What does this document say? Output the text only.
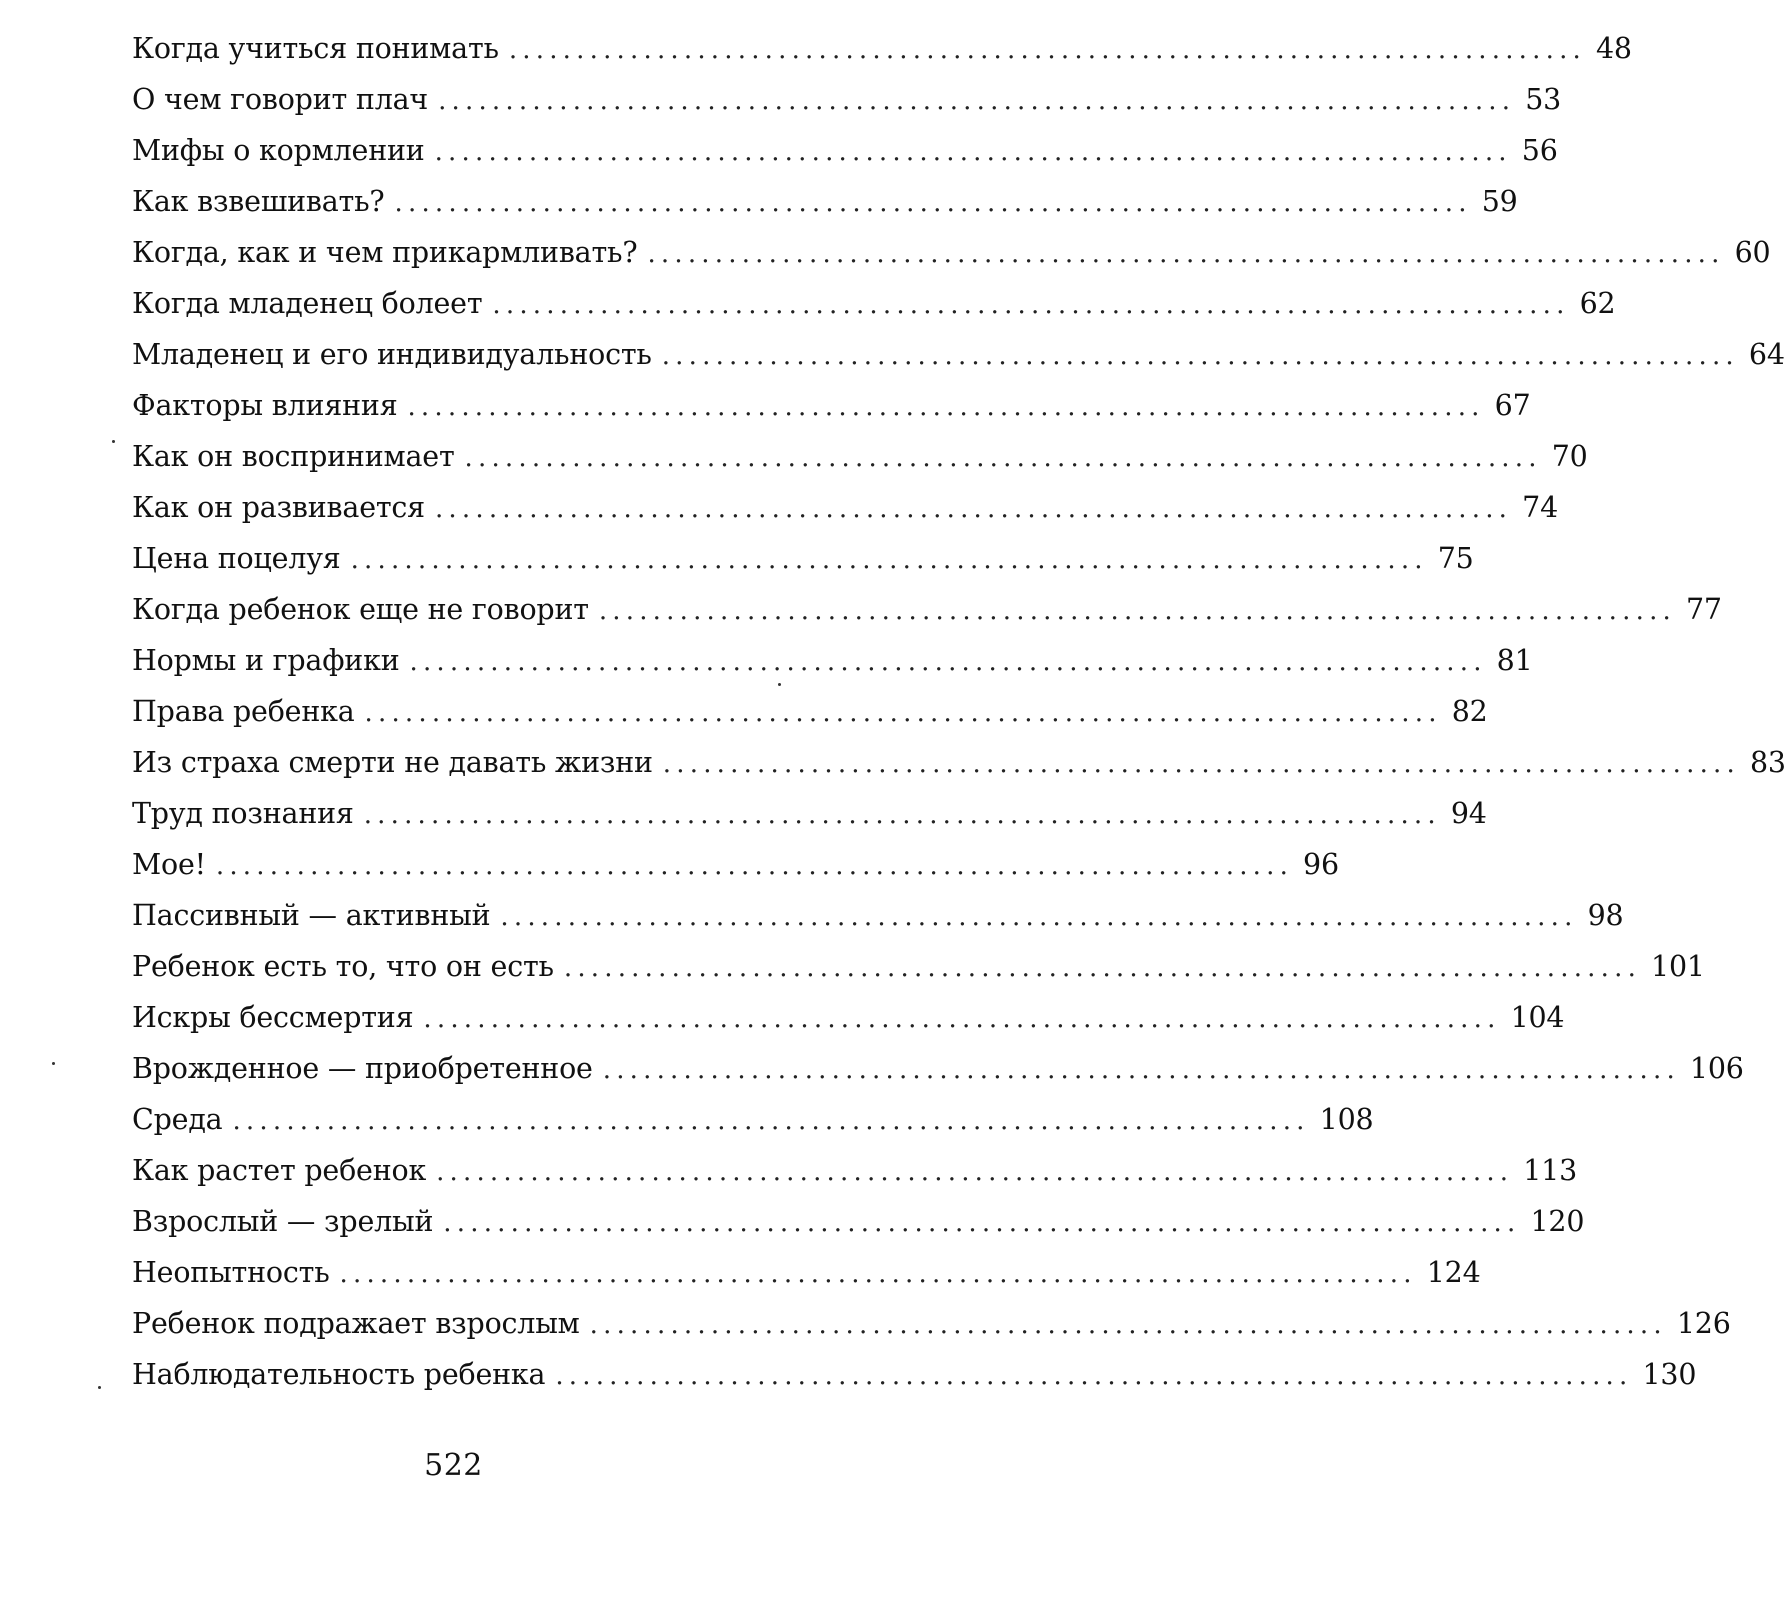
Когда учиться понимать ................................................................................ 48
О чем говорит плач ................................................................................ 53
Мифы о кормлении ................................................................................ 56
Как взвешивать? ................................................................................ 59
Когда, как и чем прикармливать? ................................................................................ 60
Когда младенец болеет ................................................................................ 62
Младенец и его индивидуальность ................................................................................ 64
Факторы влияния ................................................................................ 67
Как он воспринимает ................................................................................ 70
Как он развивается ................................................................................ 74
Цена поцелуя ................................................................................ 75
Когда ребенок еще не говорит ................................................................................ 77
Нормы и графики ................................................................................ 81
Права ребенка ................................................................................ 82
Из страха смерти не давать жизни ................................................................................ 83
Труд познания ................................................................................ 94
Мое! ................................................................................ 96
Пассивный — активный ................................................................................ 98
Ребенок есть то, что он есть ................................................................................ 101
Искры бессмертия ................................................................................ 104
Врожденное — приобретенное ................................................................................ 106
Среда ................................................................................ 108
Как растет ребенок ................................................................................ 113
Взрослый — зрелый ................................................................................ 120
Неопытность ................................................................................ 124
Ребенок подражает взрослым ................................................................................ 126
Наблюдательность ребенка ................................................................................ 130
522
